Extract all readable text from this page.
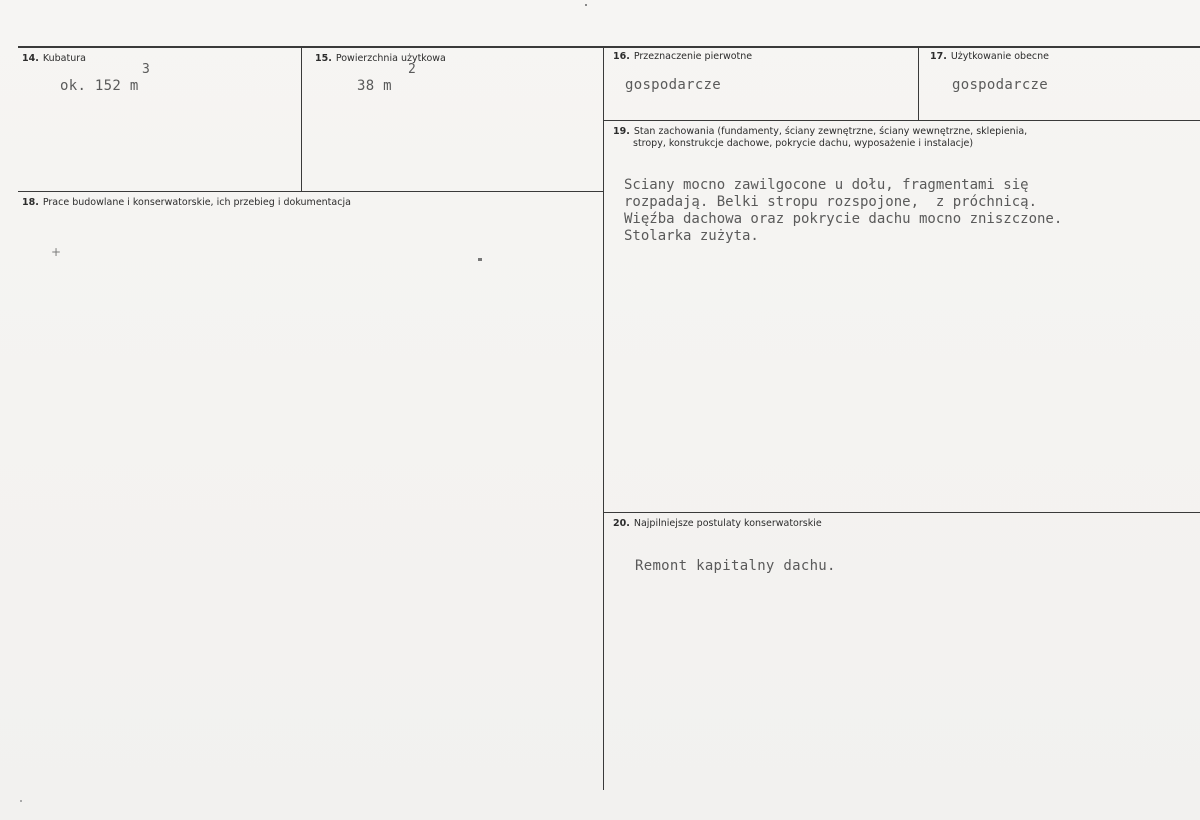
14. Kubatura
3
ok. 152 m
15. Powierzchnia użytkowa
2
38 m
16. Przeznaczenie pierwotne
gospodarcze
17. Użytkowanie obecne
gospodarcze
19. Stan zachowania (fundamenty, ściany zewnętrzne, ściany wewnętrzne, sklepienia,
stropy, konstrukcje dachowe, pokrycie dachu, wyposażenie i instalacje)
Sciany mocno zawilgocone u dołu, fragmentami się
rozpadają. Belki stropu rozspojone,  z próchnicą.
Więźba dachowa oraz pokrycie dachu mocno zniszczone.
Stolarka zużyta.
18. Prace budowlane i konserwatorskie, ich przebieg i dokumentacja
+
20. Najpilniejsze postulaty konserwatorskie
Remont kapitalny dachu.
